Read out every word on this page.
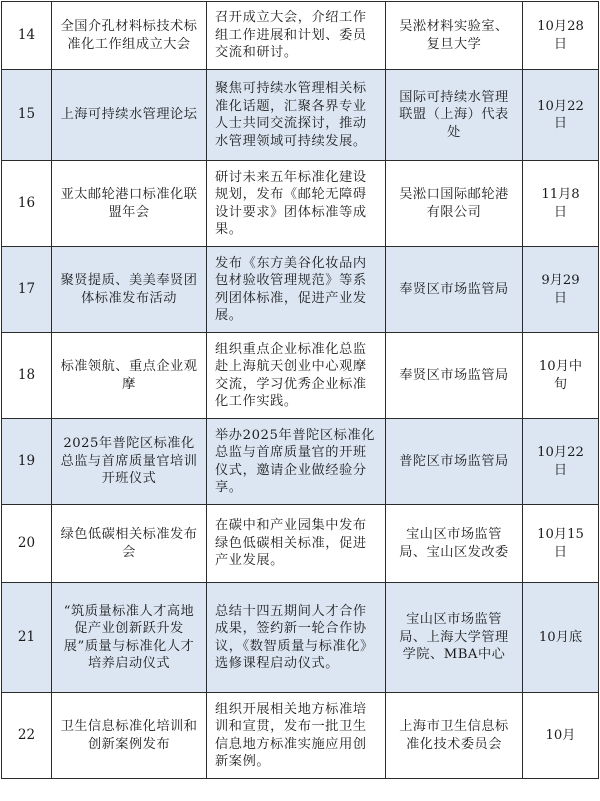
14	全国介孔材料标技术标准化工作组成立大会	召开成立大会，介绍工作组工作进展和计划、委员交流和研讨。	吴淞材料实验室、复旦大学	10月28日
15	上海可持续水管理论坛	聚焦可持续水管理相关标准化话题，汇聚各界专业人士共同交流探讨，推动水管理领域可持续发展。	国际可持续水管理联盟（上海）代表处	10月22日
16	亚太邮轮港口标准化联盟年会	研讨未来五年标准化建设规划，发布《邮轮无障碍设计要求》团体标准等成果。	吴淞口国际邮轮港有限公司	11月8日
17	聚贤提质、美美奉贤团体标准发布活动	发布《东方美谷化妆品内包材验收管理规范》等系列团体标准，促进产业发展。	奉贤区市场监管局	9月29日
18	标准领航、重点企业观摩	组织重点企业标准化总监赴上海航天创业中心观摩交流，学习优秀企业标准化工作实践。	奉贤区市场监管局	10月中旬
19	2025年普陀区标准化总监与首席质量官培训开班仪式	举办2025年普陀区标准化总监与首席质量官的开班仪式，邀请企业做经验分享。	普陀区市场监管局	10月22日
20	绿色低碳相关标准发布会	在碳中和产业园集中发布绿色低碳相关标准，促进产业发展。	宝山区市场监管局、宝山区发改委	10月15日
21	“筑质量标准人才高地 促产业创新跃升发展”质量与标准化人才培养启动仪式	总结十四五期间人才合作成果，签约新一轮合作协议，《数智质量与标准化》选修课程启动仪式。	宝山区市场监管局、上海大学管理学院、MBA中心	10月底
22	卫生信息标准化培训和创新案例发布	组织开展相关地方标准培训和宣贯，发布一批卫生信息地方标准实施应用创新案例。	上海市卫生信息标准化技术委员会	10月
